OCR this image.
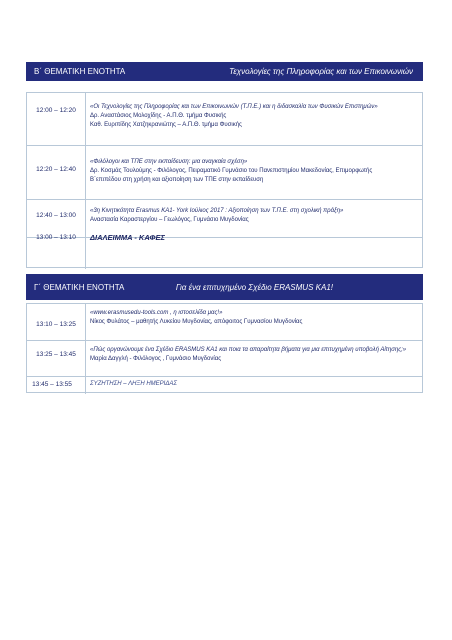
Β΄ ΘΕΜΑΤΙΚΗ ΕΝΟΤΗΤΑ	Τεχνολογίες της Πληροφορίας και των Επικοινωνιών
12:00 – 12:20	«Οι Τεχνολογίες της Πληροφορίας και των Επικοινωνιών (Τ.Π.Ε.) και η διδασκαλία των Φυσικών Επιστημών»
Δρ. Αναστάσιος Μολοχίδης - Α.Π.Θ. τμήμα Φυσικής
Καθ. Ευριπίδης Χατζηκρανιώτης – Α.Π.Θ. τμήμα Φυσικής
12:20 – 12:40
«Φιλόλογοι και ΤΠΕ στην εκπαίδευση: μια αναγκαία σχέση»
Δρ. Κοσμάς Τουλούμης - Φιλόλογος, Πειραματικό Γυμνάσιο του Πανεπιστημίου Μακεδονίας, Επιμορφωτής
Β΄επιπέδου στη χρήση και αξιοποίηση των ΤΠΕ στην εκπαίδευση
12:40 – 13:00
«3η Κινητικότητα Erasmus KA1- York Ιούλιος 2017 : Αξιοποίηση των Τ.Π.Ε. στη σχολική πράξη»
Αναστασία Καραστεργίου – Γεωλόγος, Γυμνάσιο Μυγδονίας
13:00 – 13:10	ΔΙΑΛΕΙΜΜΑ - ΚΑΦΕΣ
Γ΄ ΘΕΜΑΤΙΚΗ ΕΝΟΤΗΤΑ	Για ένα επιτυχημένο Σχέδιο ERASMUS KA1!
13:10 – 13:25
«www.erasmusedu-tools.com , η ιστοσελίδα μας!»
Νίκος Φυλάτος – μαθητής Λυκείου Μυγδονίας, απόφοιτος Γυμνασίου Μυγδονίας
13:25 – 13:45
«Πώς οργανώνουμε ένα Σχέδιο ERASMUS KA1 και ποια τα απαραίτητα βήματα για μια επιτυχημένη υποβολή Αίτησης;»
Μαρία Δαγγλή - Φιλόλογος , Γυμνάσιο Μυγδονίας
13:45 – 13:55	ΣΥΖΗΤΗΣΗ – ΛΗΞΗ ΗΜΕΡΙΔΑΣ
